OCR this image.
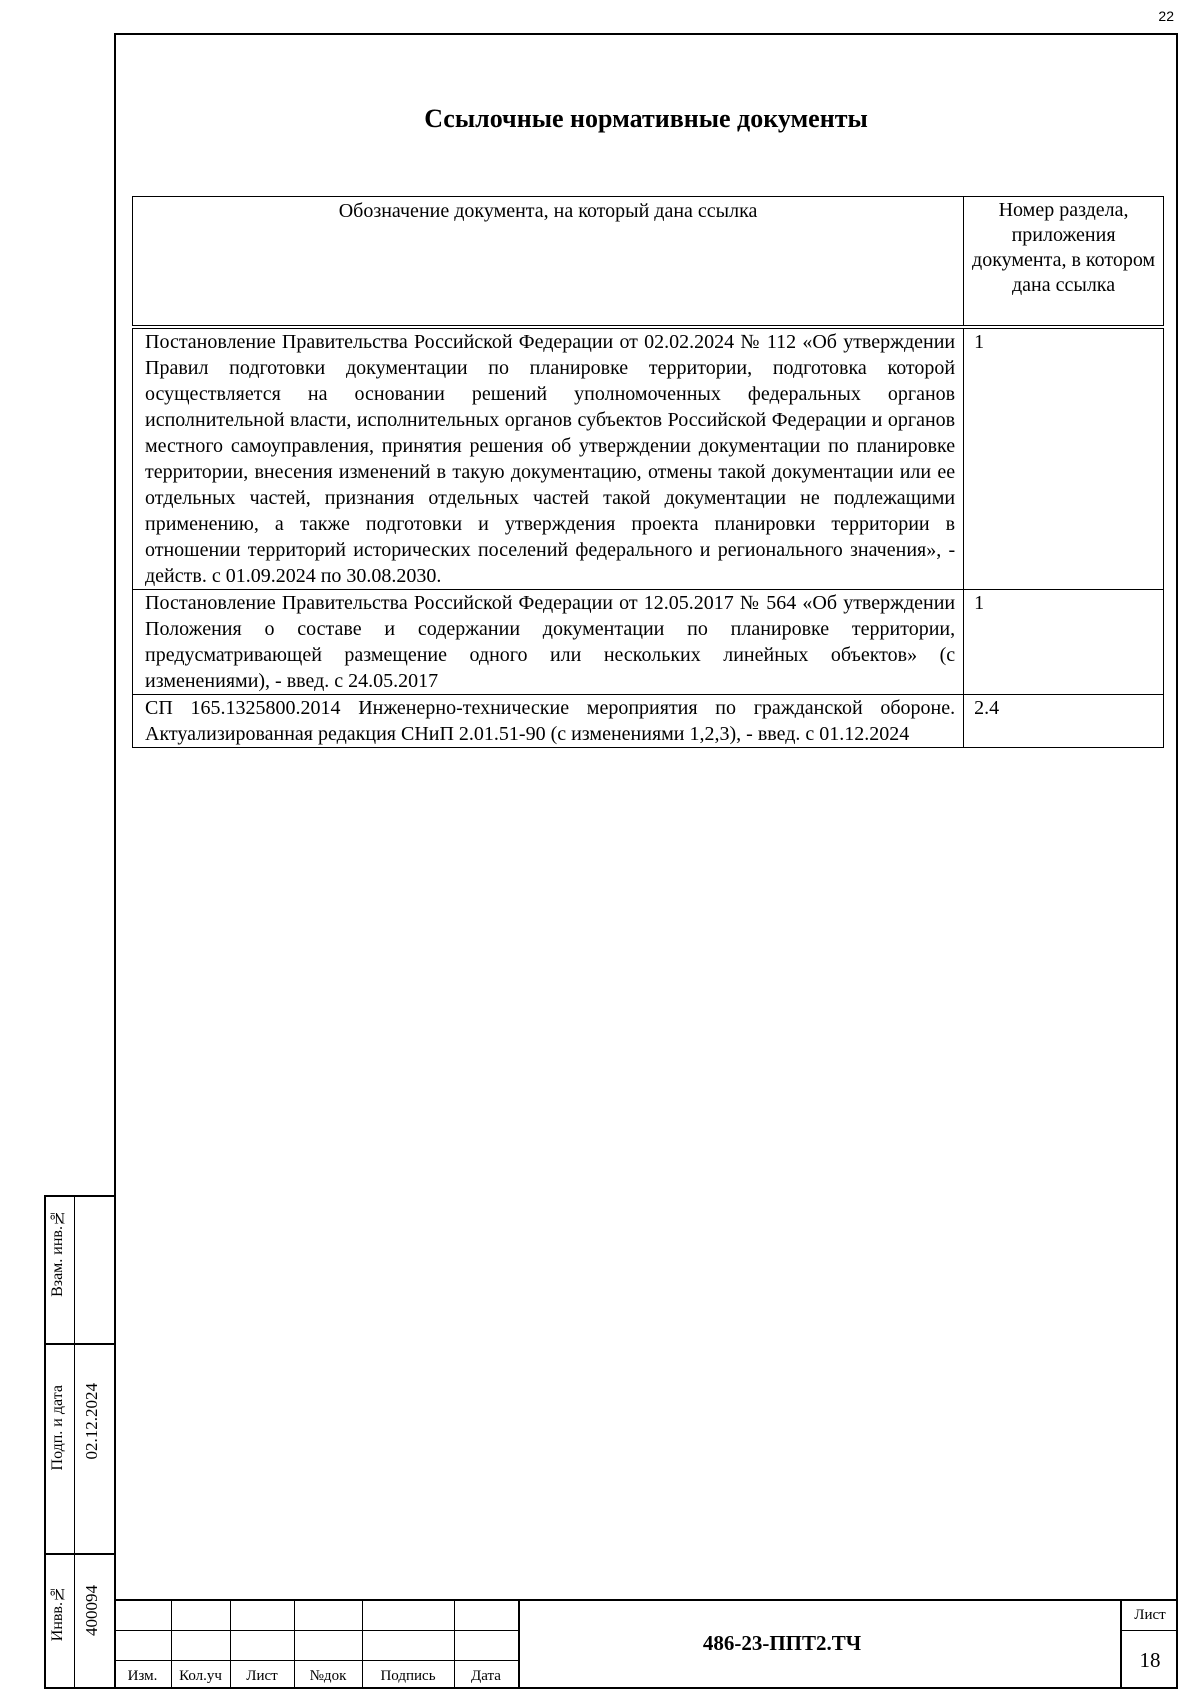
22
Ссылочные нормативные документы
Обозначение документа, на который дана ссылка	Номер раздела, приложения документа, в котором дана ссылка
Постановление Правительства Российской Федерации от 02.02.2024 № 112 «Об утверждении Правил подготовки документации по планировке территории, подготовка которой осуществляется на основании решений уполномоченных федеральных органов исполнительной власти, исполнительных органов субъектов Российской Федерации и органов местного самоуправления, принятия решения об утверждении документации по планировке территории, внесения изменений в такую документацию, отмены такой документации или ее отдельных частей, признания отдельных частей такой документации не подлежащими применению, а также подготовки и утверждения проекта планировки территории в отношении территорий исторических поселений федерального и регионального значения», - действ. с 01.09.2024 по 30.08.2030.	1
Постановление Правительства Российской Федерации от 12.05.2017 № 564 «Об утверждении Положения о составе и содержании документации по планировке территории, предусматривающей размещение одного или нескольких линейных объектов» (с изменениями), - введ. с 24.05.2017	1
СП 165.1325800.2014 Инженерно-технические мероприятия по гражданской обороне. Актуализированная редакция СНиП 2.01.51-90 (с изменениями 1,2,3), - введ. с 01.12.2024	2.4
Взам. инв.№
Подп. и дата 02.12.2024
Инвв.№ 400094
Изм.	Кол.уч	Лист	№док	Подпись	Дата
486-23-ППТ2.ТЧ
Лист
18
